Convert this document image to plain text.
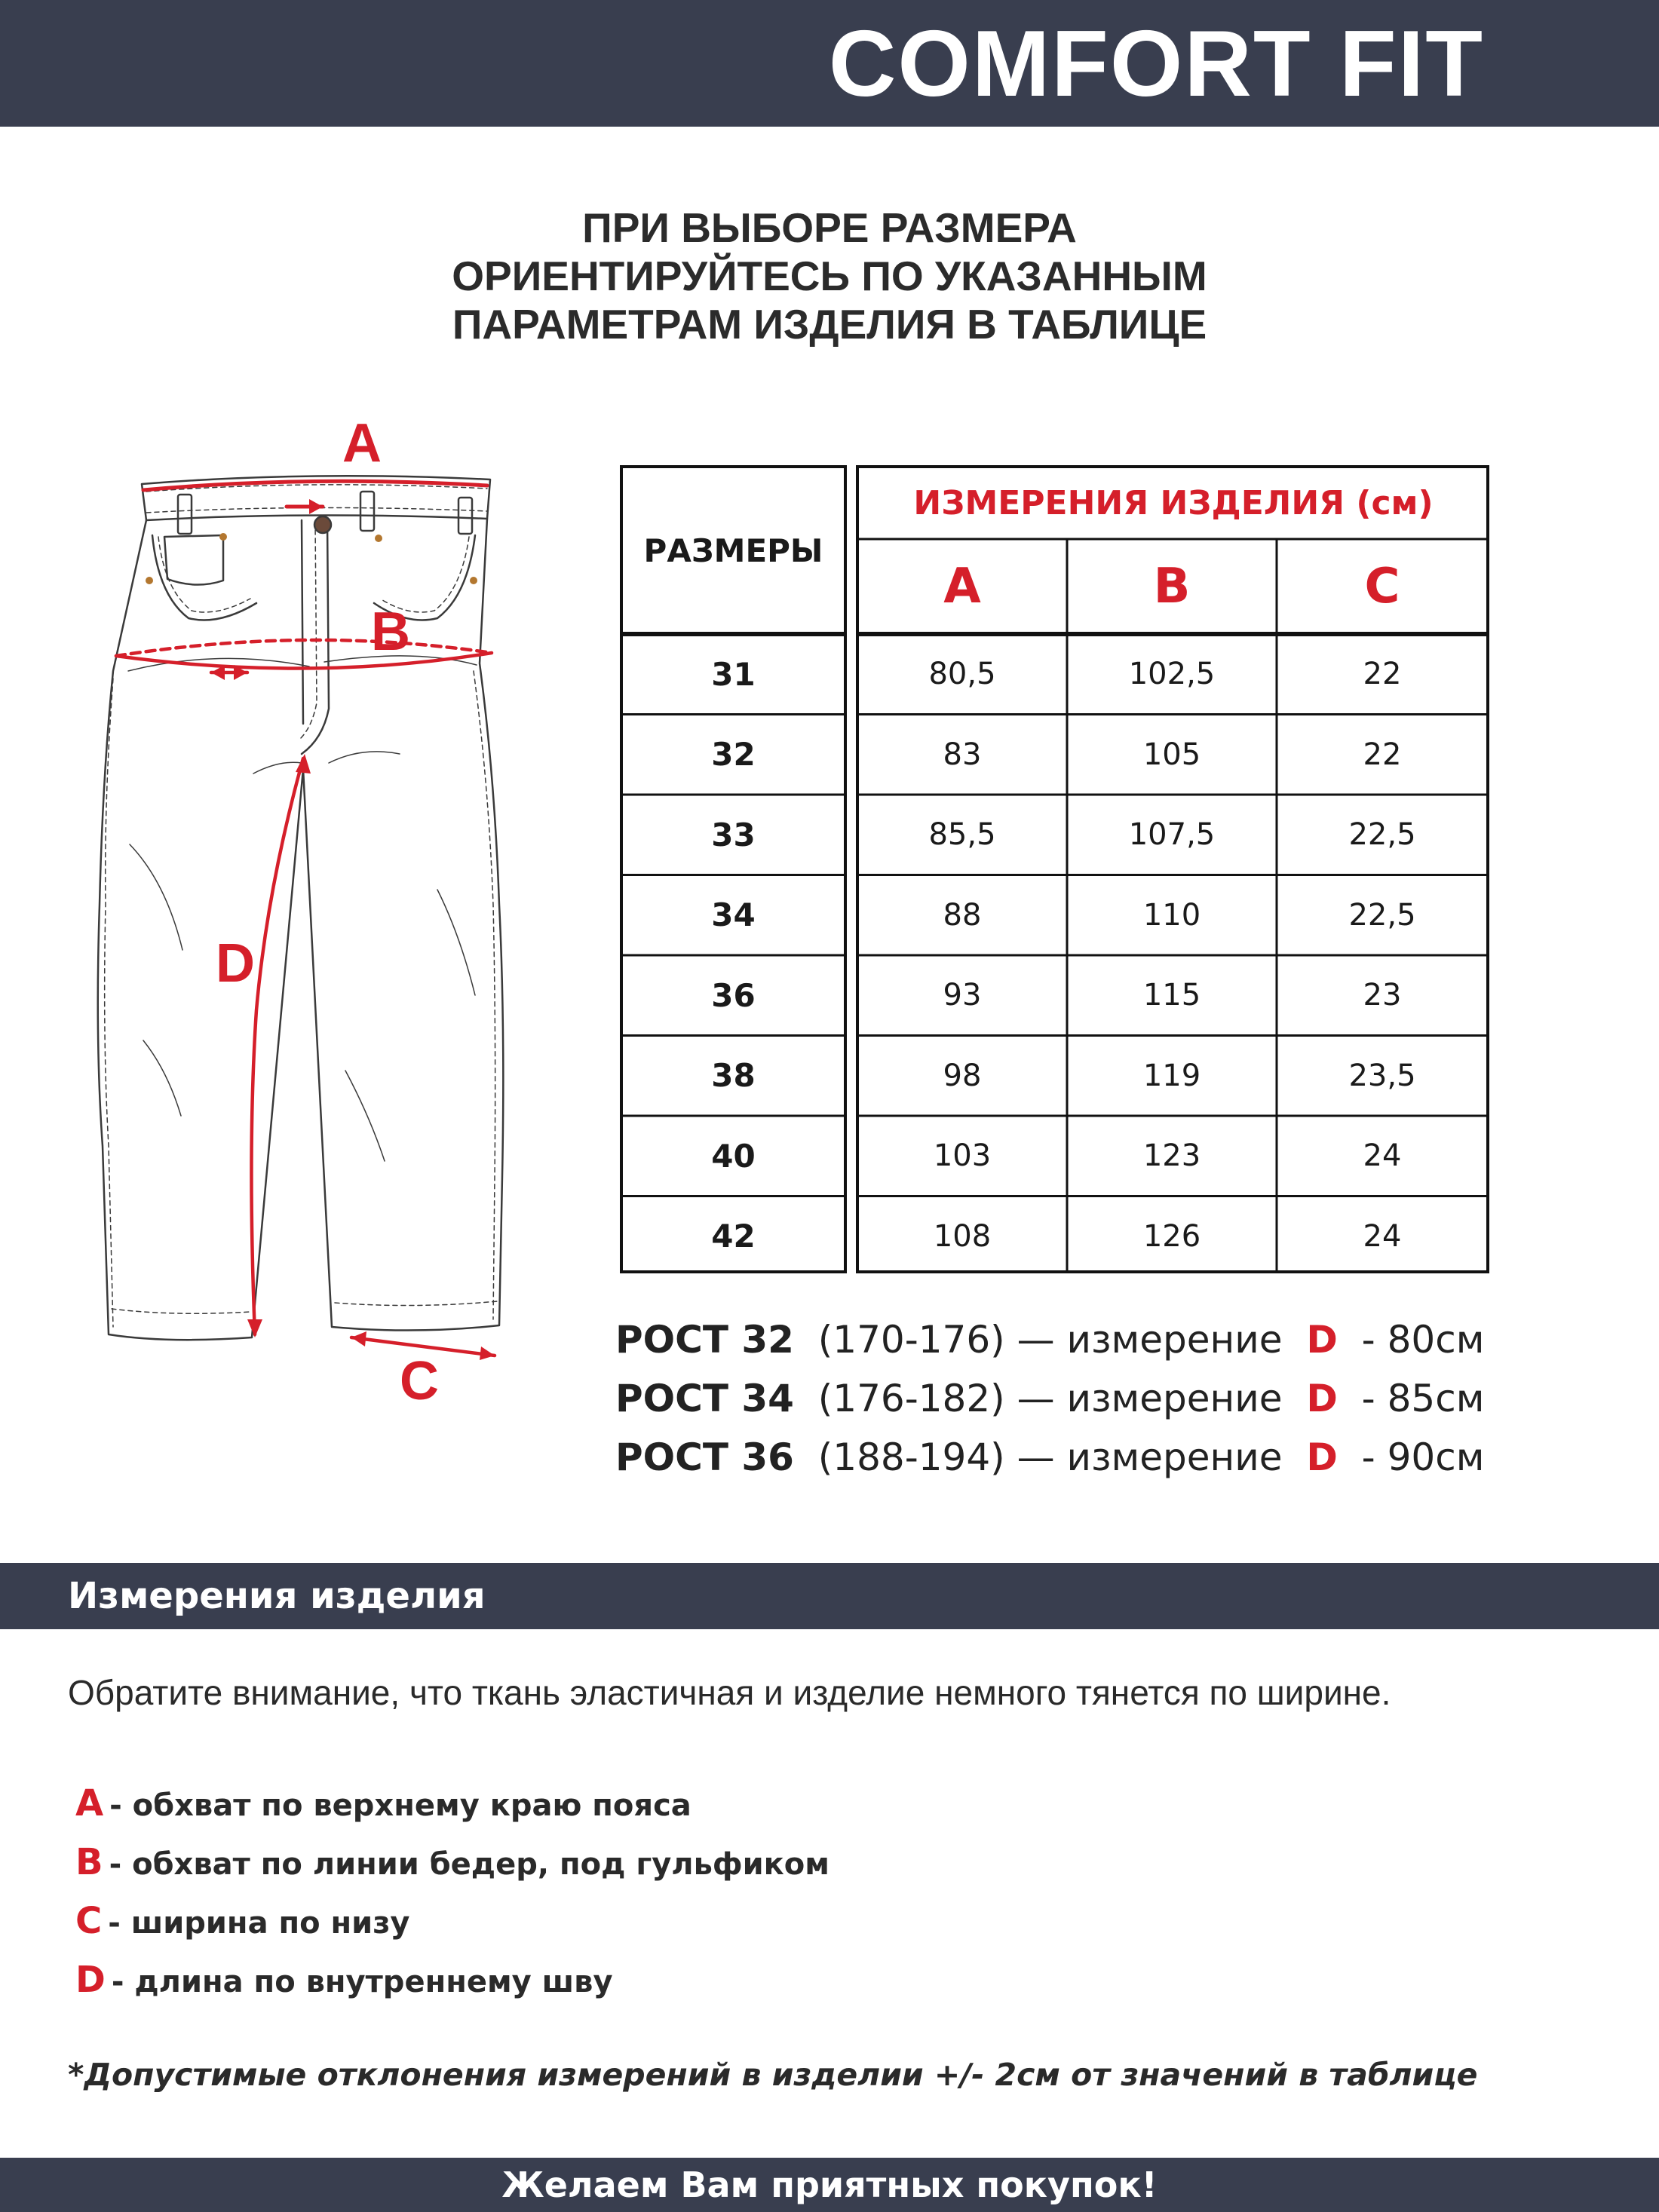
COMFORT FIT
ПРИ ВЫБОРЕ РАЗМЕРА
ОРИЕНТИРУЙТЕСЬ ПО УКАЗАННЫМ
ПАРАМЕТРАМ ИЗДЕЛИЯ В ТАБЛИЦЕ
A
B
D
C
РАЗМЕРЫ
ИЗМЕРЕНИЯ ИЗДЕЛИЯ (см)
A	B	C
31	80,5	102,5	22
32	83	105	22
33	85,5	107,5	22,5
34	88	110	22,5
36	93	115	23
38	98	119	23,5
40	103	123	24
42	108	126	24
РОСТ 32 (170-176) — измерение D - 80см
РОСТ 34 (176-182) — измерение D - 85см
РОСТ 36 (188-194) — измерение D - 90см
Измерения изделия
Обратите внимание, что ткань эластичная и изделие немного тянется по ширине.
A - обхват по верхнему краю пояса
B - обхват по линии бедер, под гульфиком
C - ширина по низу
D - длина по внутреннему шву
*Допустимые отклонения измерений в изделии +/- 2см от значений в таблице
Желаем Вам приятных покупок!
